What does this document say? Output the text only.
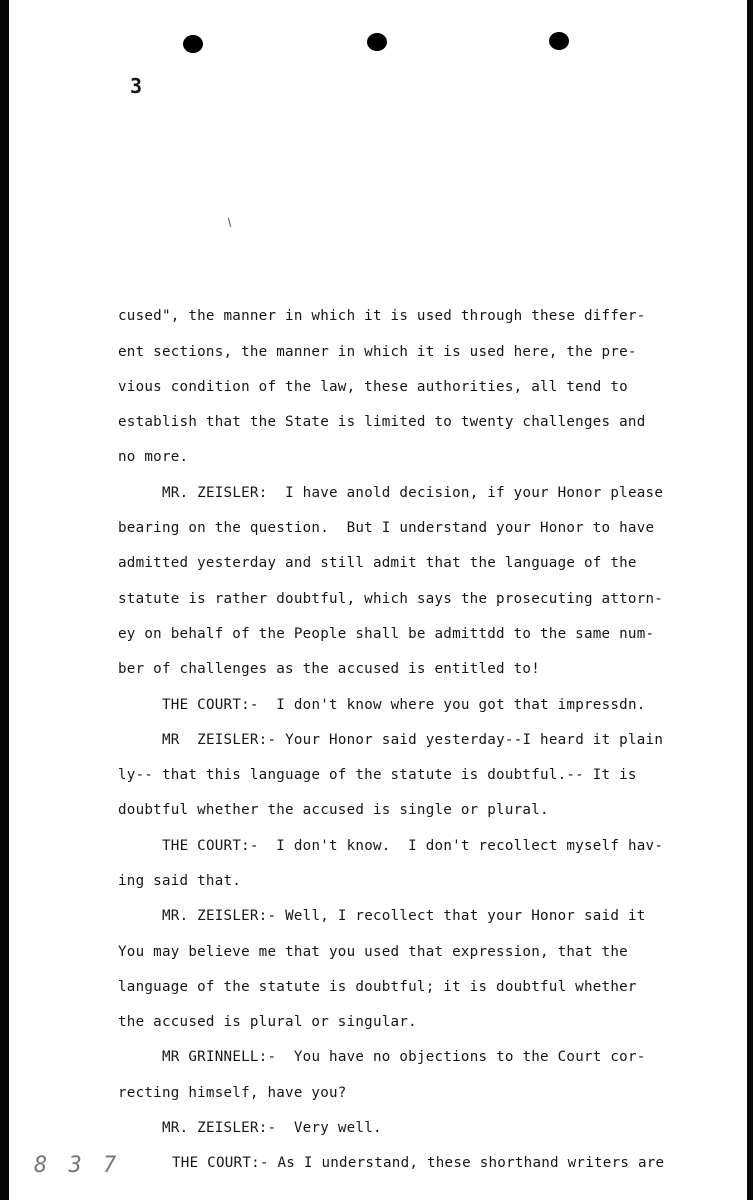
3
cused", the manner in which it is used through these differ-
ent sections, the manner in which it is used here, the pre-
vious condition of the law, these authorities, all tend to
establish that the State is limited to twenty challenges and
no more.
MR. ZEISLER:  I have anold decision, if your Honor please
bearing on the question.  But I understand your Honor to have
admitted yesterday and still admit that the language of the
statute is rather doubtful, which says the prosecuting attorn-
ey on behalf of the People shall be admittdd to the same num-
ber of challenges as the accused is entitled to!
THE COURT:-  I don't know where you got that impressdn.
MR  ZEISLER:- Your Honor said yesterday--I heard it plain
ly-- that this language of the statute is doubtful.-- It is
doubtful whether the accused is single or plural.
THE COURT:-  I don't know.  I don't recollect myself hav-
ing said that.
MR. ZEISLER:- Well, I recollect that your Honor said it
You may believe me that you used that expression, that the
language of the statute is doubtful; it is doubtful whether
the accused is plural or singular.
MR GRINNELL:-  You have no objections to the Court cor-
recting himself, have you?
MR. ZEISLER:-  Very well.
THE COURT:- As I understand, these shorthand writers are
8 3 7
